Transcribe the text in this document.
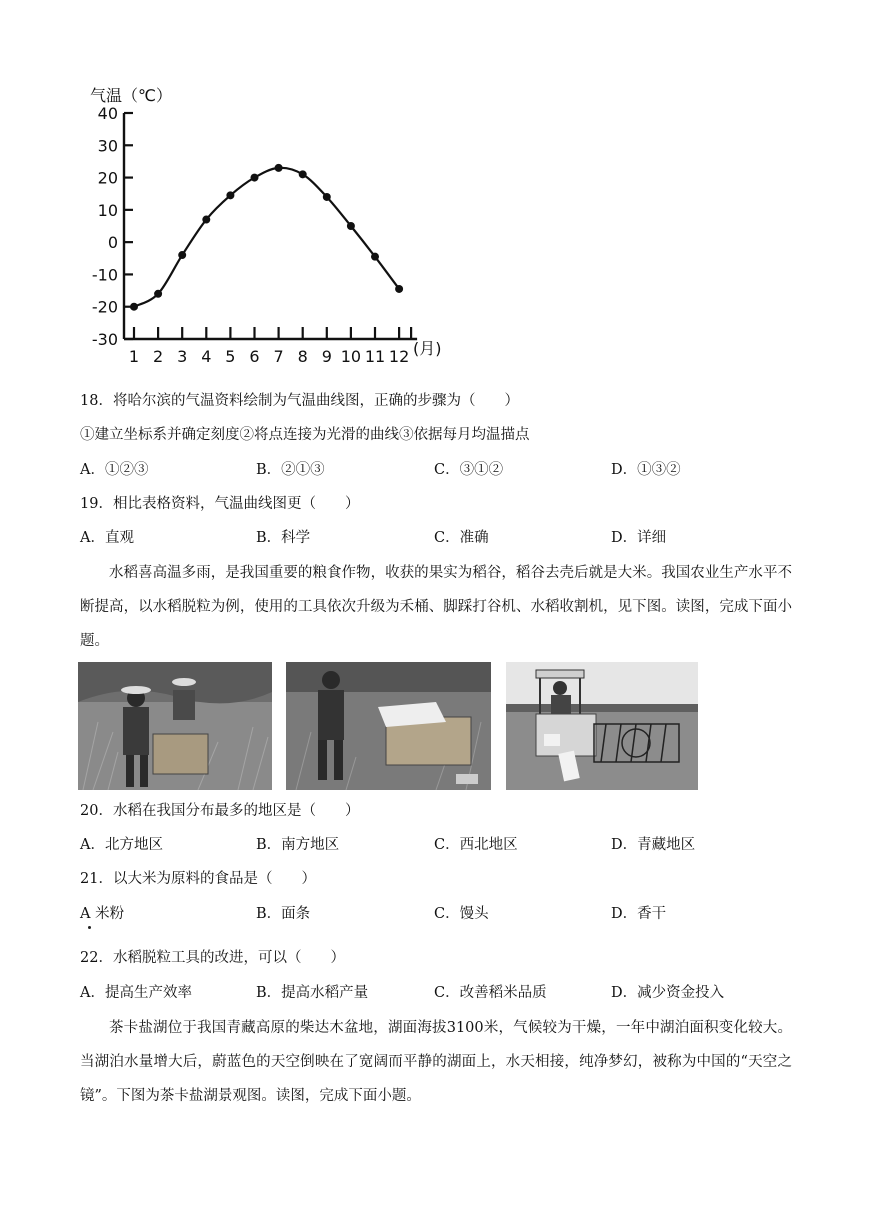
气温（℃）
40
30
20
10
0
-10
-20
-30
1 2 3 4 5 6 7 8 9 10 11 12 (月)
18．将哈尔滨的气温资料绘制为气温曲线图，正确的步骤为（　　）
①建立坐标系并确定刻度②将点连接为光滑的曲线③依据每月均温描点
A．①②③	B．②①③	C．③①②	D．①③②
19．相比表格资料，气温曲线图更（　　）
A．直观	B．科学	C．准确	D．详细
水稻喜高温多雨，是我国重要的粮食作物，收获的果实为稻谷，稻谷去壳后就是大米。我国农业生产水平不断提高，以水稻脱粒为例，使用的工具依次升级为禾桶、脚踩打谷机、水稻收割机，见下图。读图，完成下面小题。
20．水稻在我国分布最多的地区是（　　）
A．北方地区	B．南方地区	C．西北地区	D．青藏地区
21．以大米为原料的食品是（　　）
A 米粉	B．面条	C．馒头	D．香干
22．水稻脱粒工具的改进，可以（　　）
A．提高生产效率	B．提高水稻产量	C．改善稻米品质	D．减少资金投入
茶卡盐湖位于我国青藏高原的柴达木盆地，湖面海拔3100米，气候较为干燥，一年中湖泊面积变化较大。当湖泊水量增大后，蔚蓝色的天空倒映在了宽阔而平静的湖面上，水天相接，纯净梦幻，被称为中国的“天空之镜”。下图为茶卡盐湖景观图。读图，完成下面小题。
